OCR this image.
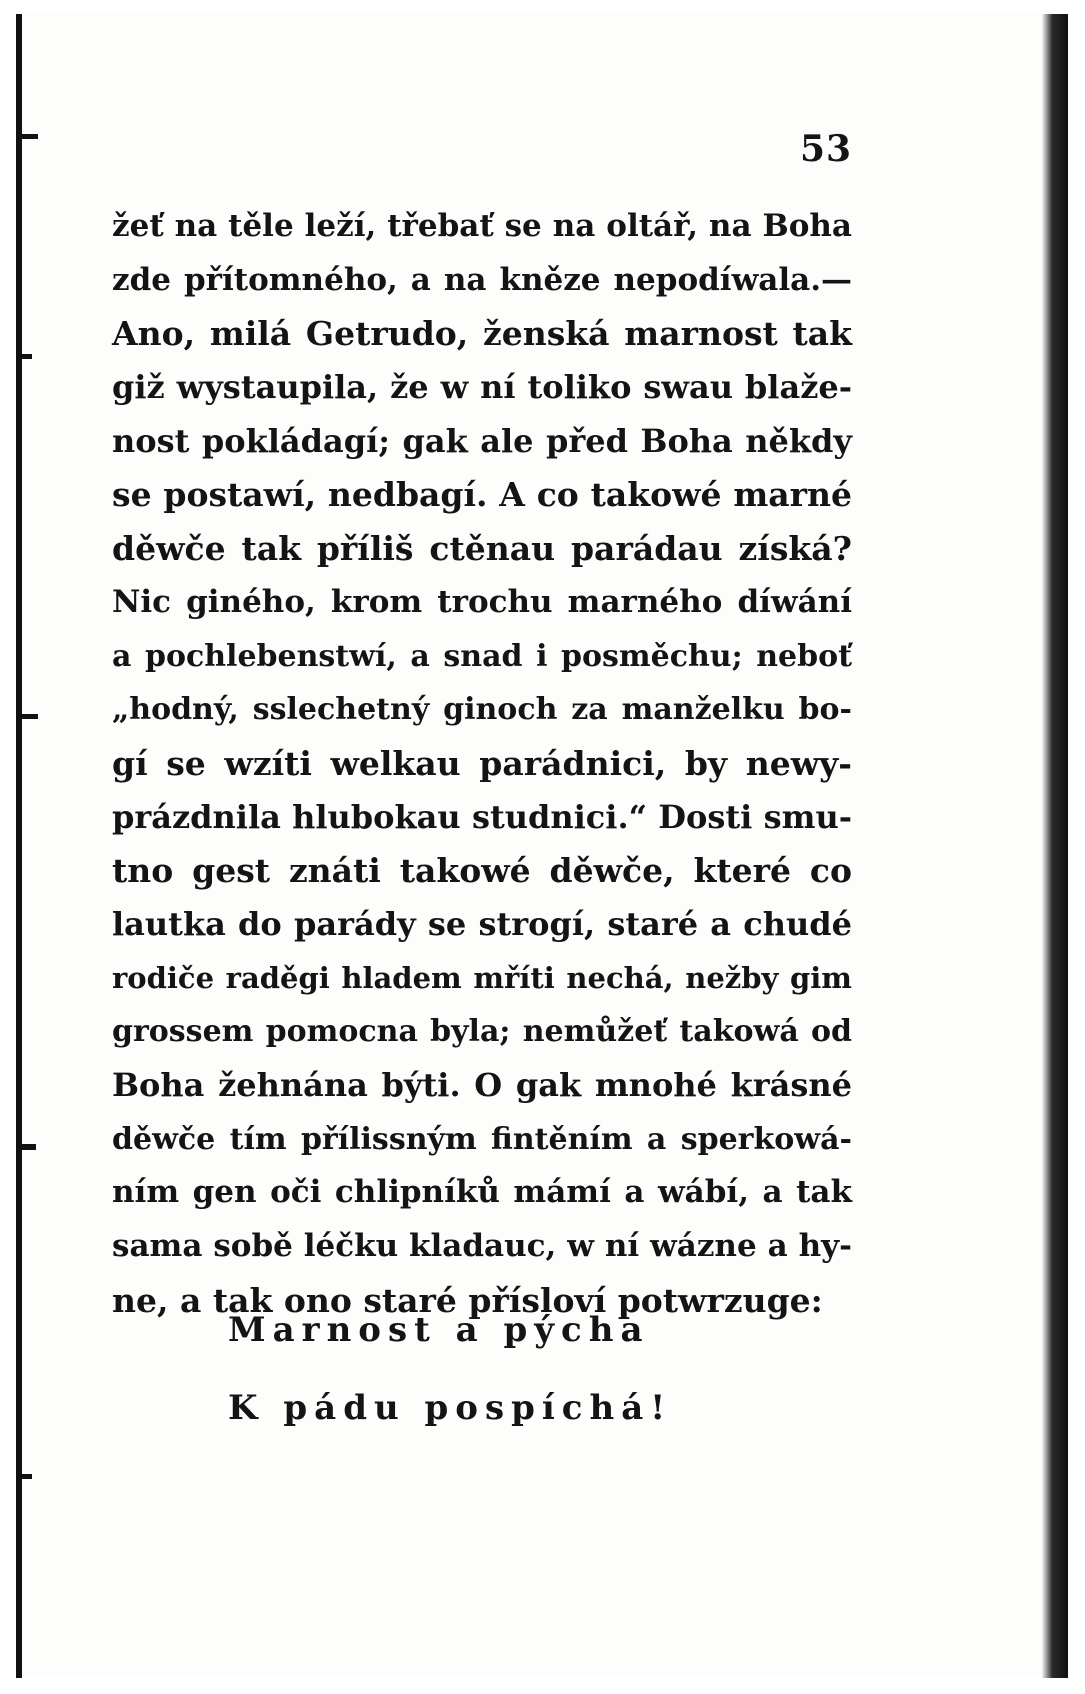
53
žeť na těle leží, třebať se na oltář, na Boha
zde přítomného, a na kněze nepodíwala.—
Ano, milá Getrudo, ženská marnost tak
giž wystaupila, že w ní toliko swau blaže-
nost pokládagí; gak ale před Boha někdy
se postawí, nedbagí. A co takowé marné
děwče tak příliš ctěnau parádau získá?
Nic giného, krom trochu marného díwání
a pochlebenstwí, a snad i posměchu; neboť
„hodný, sslechetný ginoch za manželku bo-
gí se wzíti welkau parádnici, by newy-
prázdnila hlubokau studnici.“ Dosti smu-
tno gest znáti takowé děwče, které co
lautka do parády se strogí, staré a chudé
rodiče raděgi hladem mříti nechá, nežby gim
grossem pomocna byla; nemůžeť takowá od
Boha žehnána býti. O gak mnohé krásné
děwče tím přílissným fintěním a sperkowá-
ním gen oči chlipníků mámí a wábí, a tak
sama sobě léčku kladauc, w ní wázne a hy-
ne, a tak ono staré přísloví potwrzuge:
Marnost a pýcha
K pádu pospíchá!
